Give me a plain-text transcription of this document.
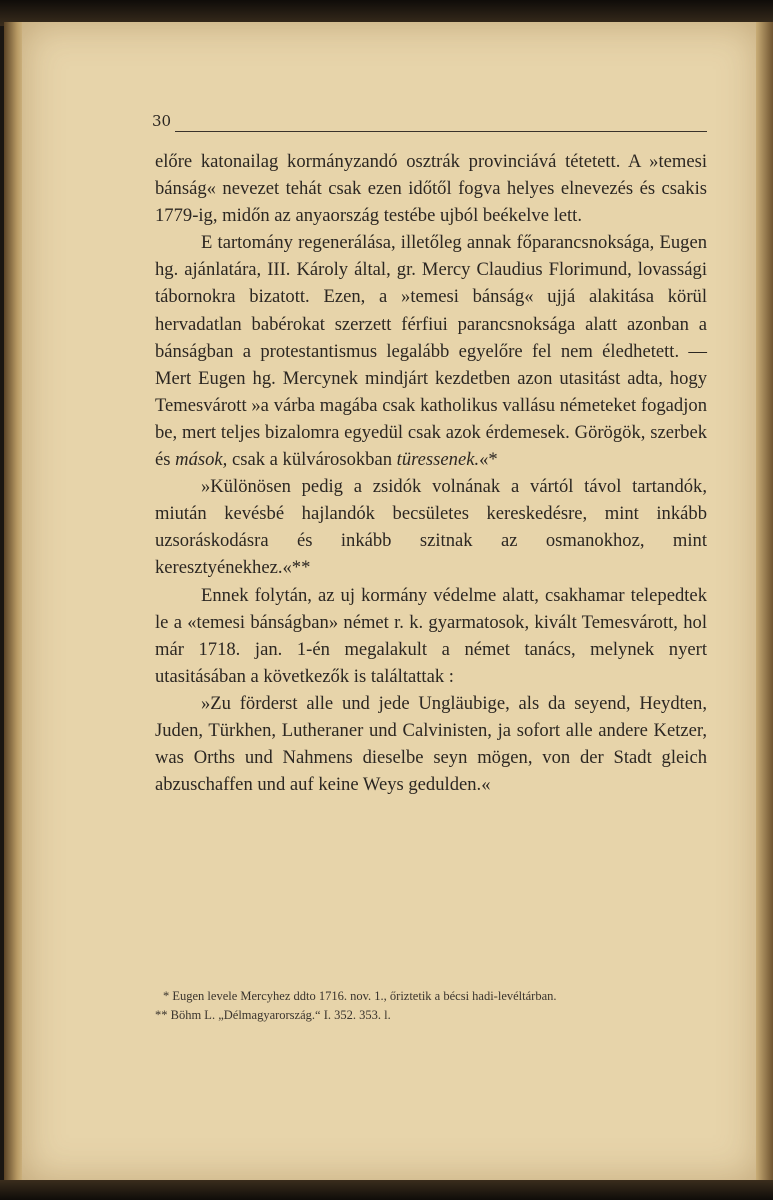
30

előre katonailag kormányzandó osztrák provinciává tétetett. A »temesi bánság« nevezet tehát csak ezen időtől fogva helyes elnevezés és csakis 1779-ig, midőn az anyaország testébe ujból beékelve lett.

E tartomány regenerálása, illetőleg annak főparancsnoksága, Eugen hg. ajánlatára, III. Károly által, gr. Mercy Claudius Florimund, lovassági tábornokra bizatott. Ezen, a »temesi bánság« ujjá alakitása körül hervadatlan babérokat szerzett férfiui parancsnoksága alatt azonban a bánságban a protestantismus legalább egyelőre fel nem éledhetett. — Mert Eugen hg. Mercynek mindjárt kezdetben azon utasitást adta, hogy Temesvárott »a várba magába csak katholikus vallásu németeket fogadjon be, mert teljes bizalomra egyedül csak azok érdemesek. Görögök, szerbek és mások, csak a külvárosokban türessenek.«*

»Különösen pedig a zsidók volnának a vártól távol tartandók, miután kevésbé hajlandók becsületes kereskedésre, mint inkább uzsoráskodásra és inkább szitnak az osmanokhoz, mint keresztyénekhez.«**

Ennek folytán, az uj kormány védelme alatt, csakhamar telepedtek le a «temesi bánságban» német r. k. gyarmatosok, kivált Temesvárott, hol már 1718. jan. 1-én megalakult a német tanács, melynek nyert utasitásában a következők is találtattak :

»Zu förderst alle und jede Ungläubige, als da seyend, Heydten, Juden, Türkhen, Lutheraner und Calvinisten, ja sofort alle andere Ketzer, was Orths und Nahmens dieselbe seyn mögen, von der Stadt gleich abzuschaffen und auf keine Weys gedulden.«

* Eugen levele Mercyhez ddto 1716. nov. 1., őriztetik a bécsi hadi-levéltárban.

** Böhm L. „Délmagyarország.“ I. 352. 353. l.
